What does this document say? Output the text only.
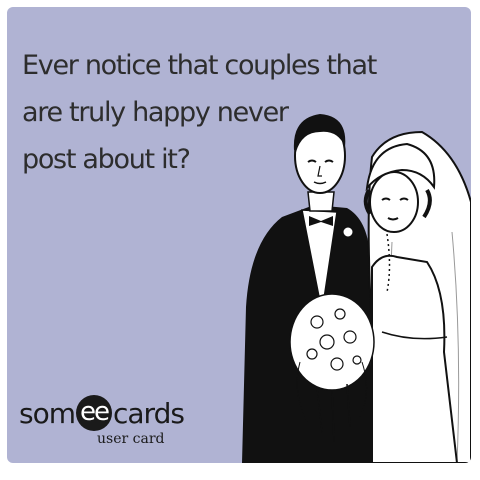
Ever notice that couples that
are truly happy never
post about it?
som ee cards
user card
